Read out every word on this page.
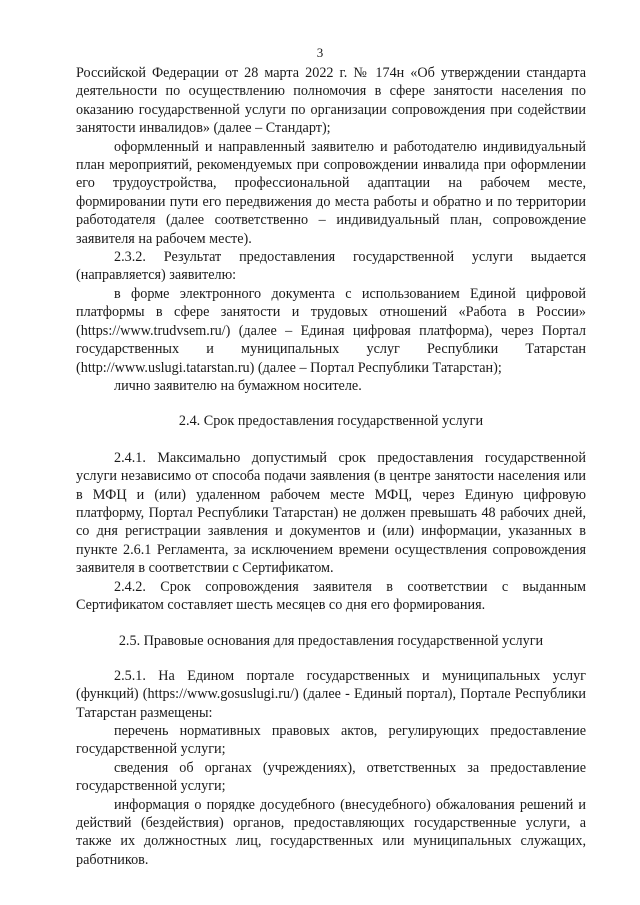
3

Российской Федерации от 28 марта 2022 г. № 174н «Об утверждении стандарта деятельности по осуществлению полномочия в сфере занятости населения по оказанию государственной услуги по организации сопровождения при содействии занятости инвалидов» (далее – Стандарт);

оформленный и направленный заявителю и работодателю индивидуальный план мероприятий, рекомендуемых при сопровождении инвалида при оформлении его трудоустройства, профессиональной адаптации на рабочем месте, формировании пути его передвижения до места работы и обратно и по территории работодателя (далее соответственно – индивидуальный план, сопровождение заявителя на рабочем месте).

2.3.2. Результат предоставления государственной услуги выдается (направляется) заявителю:

в форме электронного документа с использованием Единой цифровой платформы в сфере занятости и трудовых отношений «Работа в России» (https://www.trudvsem.ru/) (далее – Единая цифровая платформа), через Портал государственных и муниципальных услуг Республики Татарстан (http://www.uslugi.tatarstan.ru) (далее – Портал Республики Татарстан);

лично заявителю на бумажном носителе.

2.4. Срок предоставления государственной услуги

2.4.1. Максимально допустимый срок предоставления государственной услуги независимо от способа подачи заявления (в центре занятости населения или в МФЦ и (или) удаленном рабочем месте МФЦ, через Единую цифровую платформу, Портал Республики Татарстан) не должен превышать 48 рабочих дней, со дня регистрации заявления и документов и (или) информации, указанных в пункте 2.6.1 Регламента, за исключением времени осуществления сопровождения заявителя в соответствии с Сертификатом.

2.4.2. Срок сопровождения заявителя в соответствии с выданным Сертификатом составляет шесть месяцев со дня его формирования.

2.5. Правовые основания для предоставления государственной услуги

2.5.1. На Едином портале государственных и муниципальных услуг (функций) (https://www.gosuslugi.ru/) (далее - Единый портал), Портале Республики Татарстан размещены:

перечень нормативных правовых актов, регулирующих предоставление государственной услуги;

сведения об органах (учреждениях), ответственных за предоставление государственной услуги;

информация о порядке досудебного (внесудебного) обжалования решений и действий (бездействия) органов, предоставляющих государственные услуги, а также их должностных лиц, государственных или муниципальных служащих, работников.
